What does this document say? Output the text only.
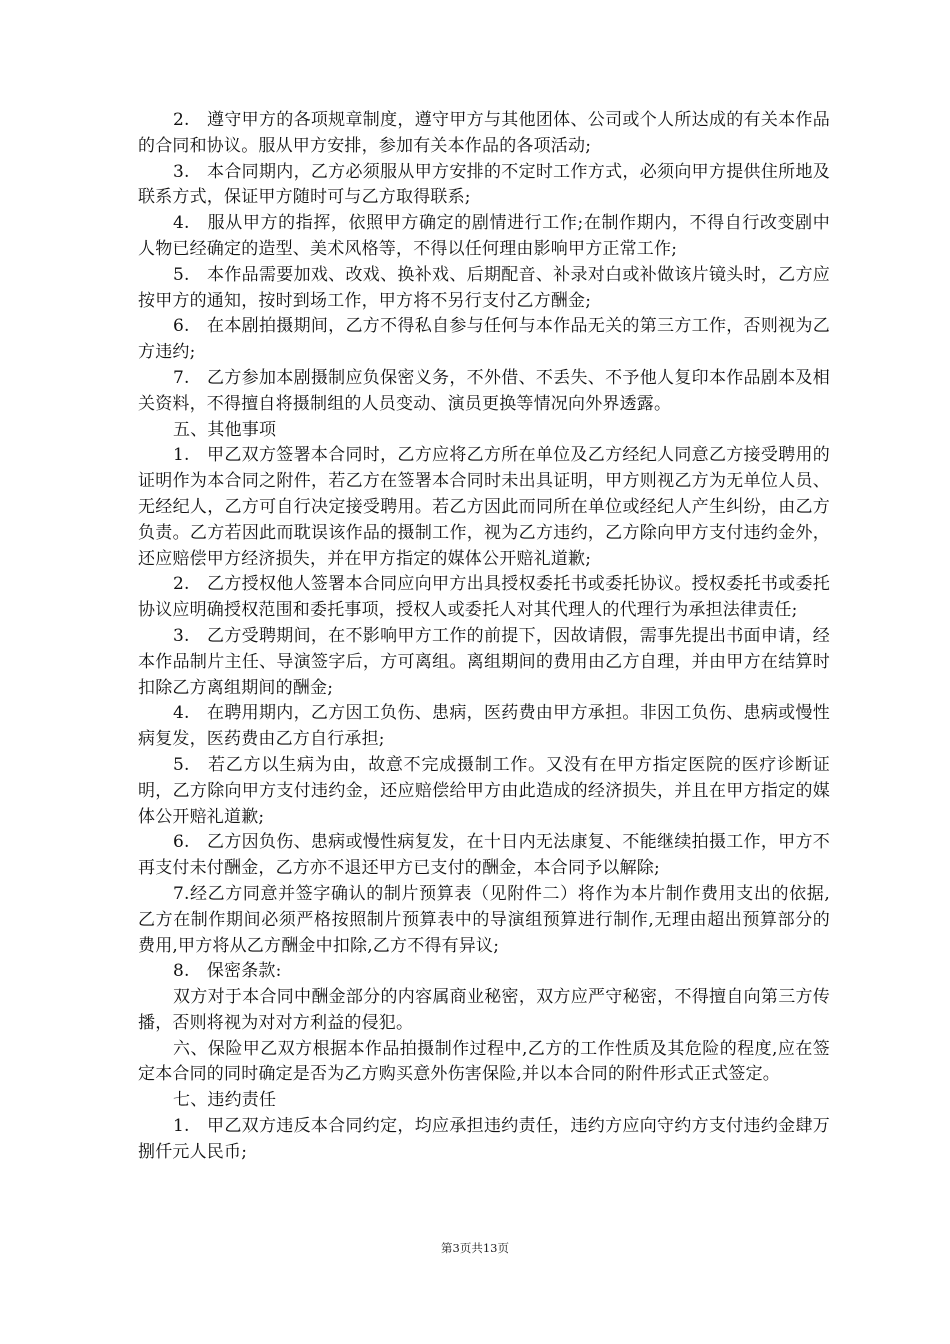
2.　遵守甲方的各项规章制度，遵守甲方与其他团体、公司或个人所达成的有关本作品的合同和协议。服从甲方安排，参加有关本作品的各项活动;

3.　本合同期内，乙方必须服从甲方安排的不定时工作方式，必须向甲方提供住所地及联系方式，保证甲方随时可与乙方取得联系;

4.　服从甲方的指挥，依照甲方确定的剧情进行工作;在制作期内，不得自行改变剧中人物已经确定的造型、美术风格等，不得以任何理由影响甲方正常工作;

5.　本作品需要加戏、改戏、换补戏、后期配音、补录对白或补做该片镜头时，乙方应按甲方的通知，按时到场工作，甲方将不另行支付乙方酬金;

6.　在本剧拍摄期间，乙方不得私自参与任何与本作品无关的第三方工作，否则视为乙方违约;

7.　乙方参加本剧摄制应负保密义务，不外借、不丢失、不予他人复印本作品剧本及相关资料，不得擅自将摄制组的人员变动、演员更换等情况向外界透露。

五、其他事项

1.　甲乙双方签署本合同时，乙方应将乙方所在单位及乙方经纪人同意乙方接受聘用的证明作为本合同之附件，若乙方在签署本合同时未出具证明，甲方则视乙方为无单位人员、无经纪人，乙方可自行决定接受聘用。若乙方因此而同所在单位或经纪人产生纠纷，由乙方负责。乙方若因此而耽误该作品的摄制工作，视为乙方违约，乙方除向甲方支付违约金外，还应赔偿甲方经济损失，并在甲方指定的媒体公开赔礼道歉;

2.　乙方授权他人签署本合同应向甲方出具授权委托书或委托协议。授权委托书或委托协议应明确授权范围和委托事项，授权人或委托人对其代理人的代理行为承担法律责任;

3.　乙方受聘期间，在不影响甲方工作的前提下，因故请假，需事先提出书面申请，经本作品制片主任、导演签字后，方可离组。离组期间的费用由乙方自理，并由甲方在结算时扣除乙方离组期间的酬金;

4.　在聘用期内，乙方因工负伤、患病，医药费由甲方承担。非因工负伤、患病或慢性病复发，医药费由乙方自行承担;

5.　若乙方以生病为由，故意不完成摄制工作。又没有在甲方指定医院的医疗诊断证明，乙方除向甲方支付违约金，还应赔偿给甲方由此造成的经济损失，并且在甲方指定的媒体公开赔礼道歉;

6.　乙方因负伤、患病或慢性病复发，在十日内无法康复、不能继续拍摄工作，甲方不再支付未付酬金，乙方亦不退还甲方已支付的酬金，本合同予以解除;

7.经乙方同意并签字确认的制片预算表（见附件二）将作为本片制作费用支出的依据,乙方在制作期间必须严格按照制片预算表中的导演组预算进行制作,无理由超出预算部分的费用,甲方将从乙方酬金中扣除,乙方不得有异议;

8.　保密条款:

双方对于本合同中酬金部分的内容属商业秘密，双方应严守秘密，不得擅自向第三方传播，否则将视为对对方利益的侵犯。

六、保险甲乙双方根据本作品拍摄制作过程中,乙方的工作性质及其危险的程度,应在签定本合同的同时确定是否为乙方购买意外伤害保险,并以本合同的附件形式正式签定。

七、违约责任

1.　甲乙双方违反本合同约定，均应承担违约责任，违约方应向守约方支付违约金肆万捌仟元人民币;

第3页共13页
